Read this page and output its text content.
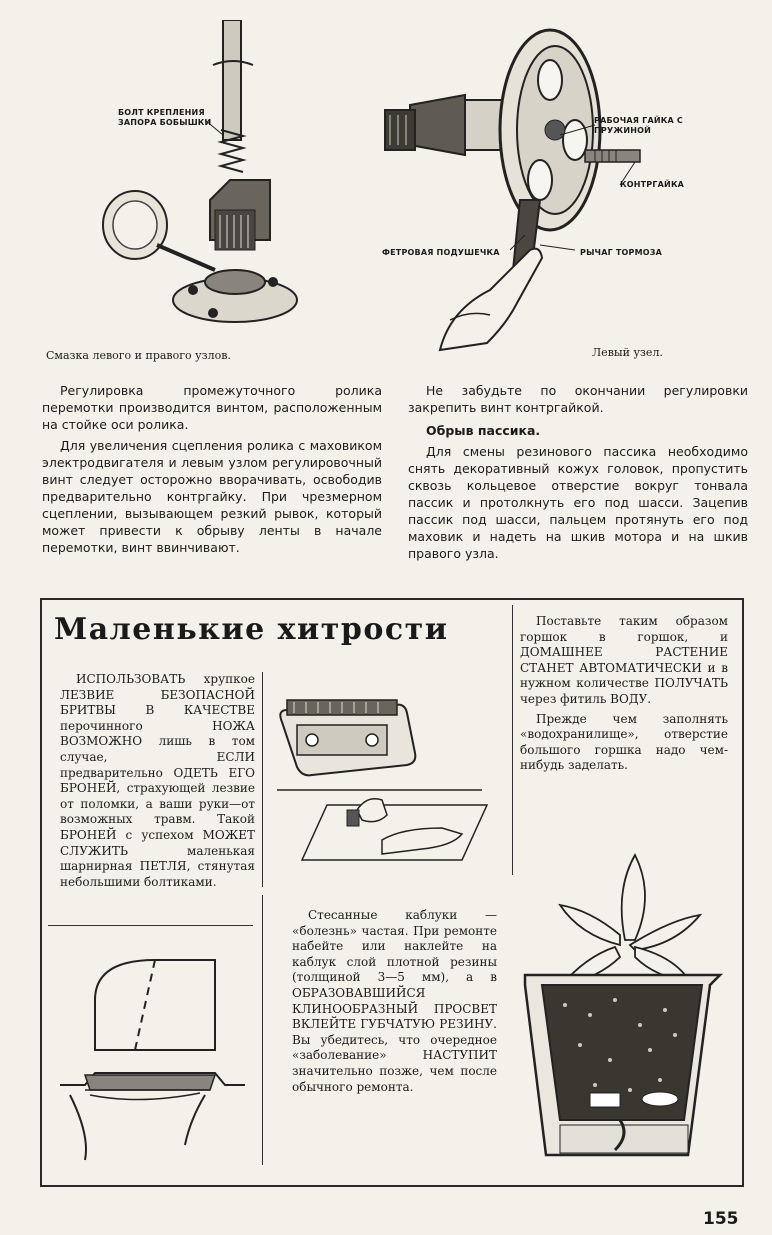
БОЛТ КРЕПЛЕНИЯ ЗАПОРА БОБЫШКИ
Смазка левого и правого узлов.
РАБОЧАЯ ГАЙКА С ПРУЖИНОЙ
КОНТРГАЙКА
ФЕТРОВАЯ ПОДУШЕЧКА	РЫЧАГ ТОРМОЗА
Левый узел.

Регулировка промежуточного ролика перемотки производится винтом, расположенным на стойке оси ролика.

Для увеличения сцепления ролика с маховиком электродвигателя и левым узлом регулировочный винт следует осторожно вворачивать, освободив предварительно контргайку. При чрезмерном сцеплении, вызывающем резкий рывок, который может привести к обрыву ленты в начале перемотки, винт ввинчивают.

Не забудьте по окончании регулировки закрепить винт контргайкой.

Обрыв пассика.

Для смены резинового пассика необходимо снять декоративный кожух головок, пропустить сквозь кольцевое отверстие вокруг тонвала пассик и протолкнуть его под шасси. Зацепив пассик под шасси, пальцем протянуть его под маховик и надеть на шкив мотора и на шкив правого узла.

Маленькие хитрости

ИСПОЛЬЗОВАТЬ хрупкое ЛЕЗВИЕ БЕЗОПАСНОЙ БРИТВЫ В КАЧЕСТВЕ перочинного НОЖА ВОЗМОЖНО лишь в том случае, ЕСЛИ предварительно ОДЕТЬ ЕГО БРОНЕЙ, страхующей лезвие от поломки, а ваши руки—от возможных травм. Такой БРОНЕЙ с успехом МОЖЕТ СЛУЖИТЬ маленькая шарнирная ПЕТЛЯ, стянутая небольшими болтиками.

Стесанные каблуки — «болезнь» частая. При ремонте набейте или наклейте на каблук слой плотной резины (толщиной 3—5 мм), а в ОБРАЗОВАВШИЙСЯ КЛИНООБРАЗНЫЙ ПРОСВЕТ ВКЛЕЙТЕ ГУБЧАТУЮ РЕЗИНУ. Вы убедитесь, что очередное «заболевание» НАСТУПИТ значительно позже, чем после обычного ремонта.

Поставьте таким образом горшок в горшок, и ДОМАШНЕЕ РАСТЕНИЕ СТАНЕТ АВТОМАТИЧЕСКИ и в нужном количестве ПОЛУЧАТЬ через фитиль ВОДУ.

Прежде чем заполнять «водохранилище», отверстие большого горшка надо чем-нибудь заделать.

155
